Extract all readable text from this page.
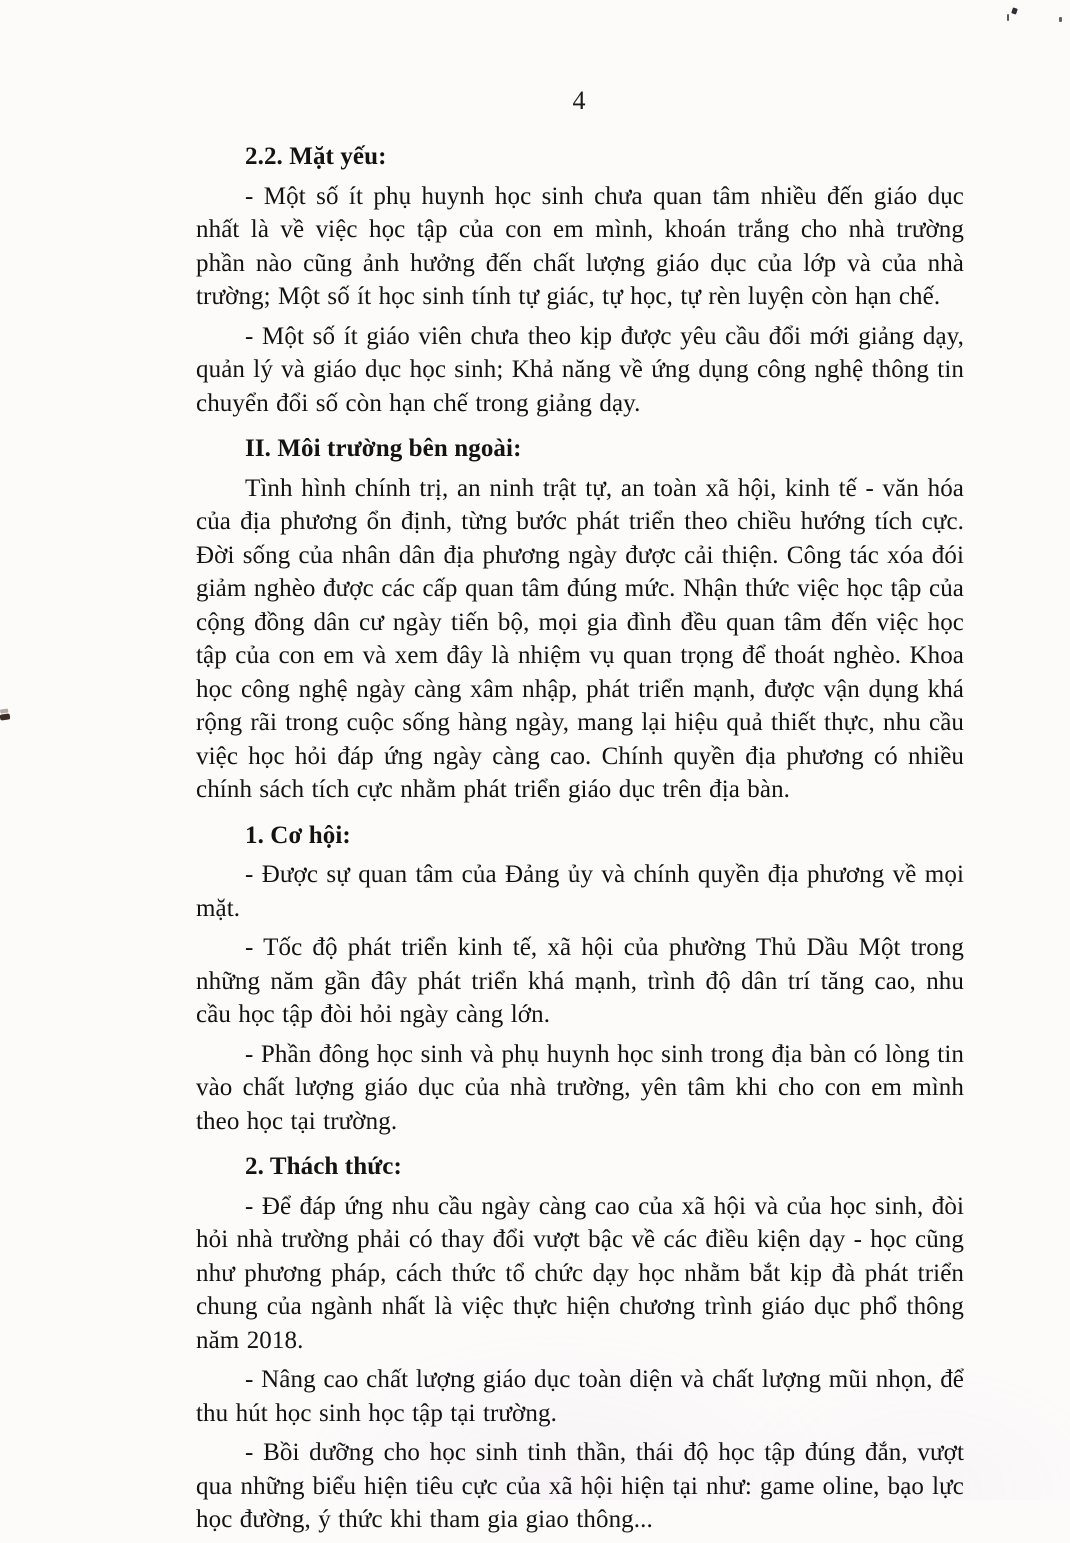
4

2.2. Mặt yếu:

- Một số ít phụ huynh học sinh chưa quan tâm nhiều đến giáo dục nhất là về việc học tập của con em mình, khoán trắng cho nhà trường phần nào cũng ảnh hưởng đến chất lượng giáo dục của lớp và của nhà trường; Một số ít học sinh tính tự giác, tự học, tự rèn luyện còn hạn chế.

- Một số ít giáo viên chưa theo kịp được yêu cầu đổi mới giảng dạy, quản lý và giáo dục học sinh; Khả năng về ứng dụng công nghệ thông tin chuyển đổi số còn hạn chế trong giảng dạy.

II. Môi trường bên ngoài:

Tình hình chính trị, an ninh trật tự, an toàn xã hội, kinh tế - văn hóa của địa phương ổn định, từng bước phát triển theo chiều hướng tích cực. Đời sống của nhân dân địa phương ngày được cải thiện. Công tác xóa đói giảm nghèo được các cấp quan tâm đúng mức. Nhận thức việc học tập của cộng đồng dân cư ngày tiến bộ, mọi gia đình đều quan tâm đến việc học tập của con em và xem đây là nhiệm vụ quan trọng để thoát nghèo. Khoa học công nghệ ngày càng xâm nhập, phát triển mạnh, được vận dụng khá rộng rãi trong cuộc sống hàng ngày, mang lại hiệu quả thiết thực, nhu cầu việc học hỏi đáp ứng ngày càng cao. Chính quyền địa phương có nhiều chính sách tích cực nhằm phát triển giáo dục trên địa bàn.

1. Cơ hội:

- Được sự quan tâm của Đảng ủy và chính quyền địa phương về mọi mặt.

- Tốc độ phát triển kinh tế, xã hội của phường Thủ Dầu Một trong những năm gần đây phát triển khá mạnh, trình độ dân trí tăng cao, nhu cầu học tập đòi hỏi ngày càng lớn.

- Phần đông học sinh và phụ huynh học sinh trong địa bàn có lòng tin vào chất lượng giáo dục của nhà trường, yên tâm khi cho con em mình theo học tại trường.

2. Thách thức:

- Để đáp ứng nhu cầu ngày càng cao của xã hội và của học sinh, đòi hỏi nhà trường phải có thay đổi vượt bậc về các điều kiện dạy - học cũng như phương pháp, cách thức tổ chức dạy học nhằm bắt kịp đà phát triển chung của ngành nhất là việc thực hiện chương trình giáo dục phổ thông năm 2018.

- Nâng cao chất lượng giáo dục toàn diện và chất lượng mũi nhọn, để thu hút học sinh học tập tại trường.

- Bồi dưỡng cho học sinh tinh thần, thái độ học tập đúng đắn, vượt qua những biểu hiện tiêu cực của xã hội hiện tại như: game oline, bạo lực học đường, ý thức khi tham gia giao thông...
